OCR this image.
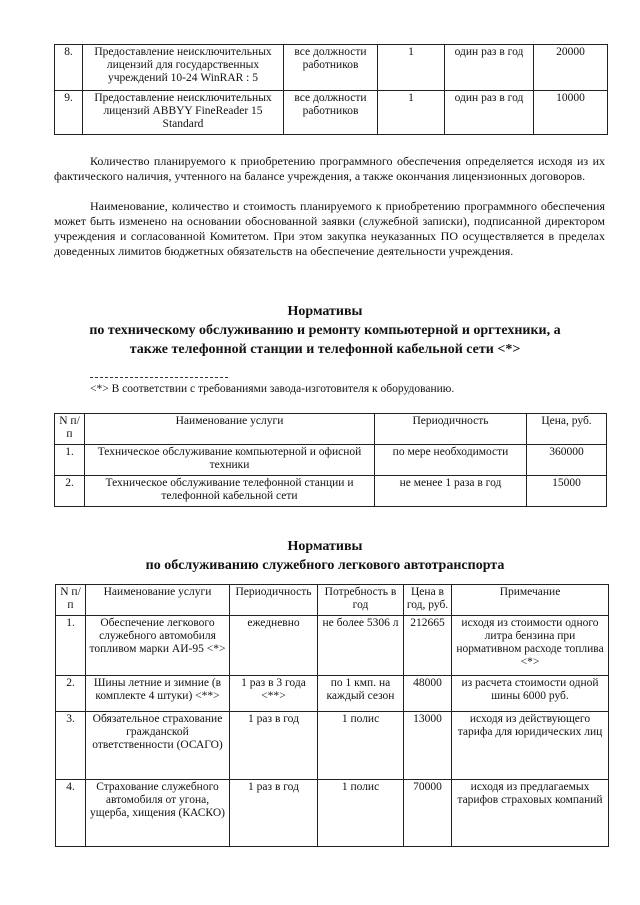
8.	Предоставление неисключительных лицензий для государственных учреждений 10-24 WinRAR : 5	все должности работников	1	один раз в год	20000
9.	Предоставление неисключительных лицензий ABBYY FineReader 15 Standard	все должности работников	1	один раз в год	10000

Количество планируемого к приобретению программного обеспечения определяется исходя из их фактического наличия, учтенного на балансе учреждения, а также окончания лицензионных договоров.

Наименование, количество и стоимость планируемого к приобретению программного обеспечения может быть изменено на основании обоснованной заявки (служебной записки), подписанной директором учреждения и согласованной Комитетом. При этом закупка неуказанных ПО осуществляется в пределах доведенных лимитов бюджетных обязательств на обеспечение деятельности учреждения.

Нормативы

по техническому обслуживанию и ремонту компьютерной и оргтехники, а также телефонной станции и телефонной кабельной сети <*>

<*> В соответствии с требованиями завода-изготовителя к оборудованию.

N п/п	Наименование услуги	Периодичность	Цена, руб.
1.	Техническое обслуживание компьютерной и офисной техники	по мере необходимости	360000
2.	Техническое обслуживание телефонной станции и телефонной кабельной сети	не менее 1 раза в год	15000

Нормативы

по обслуживанию служебного легкового автотранспорта

N п/п	Наименование услуги	Периодичность	Потребность в год	Цена в год, руб.	Примечание
1.	Обеспечение легкового служебного автомобиля топливом марки АИ-95 <*>	ежедневно	не более 5306 л	212665	исходя из стоимости одного литра бензина при нормативном расходе топлива <*>
2.	Шины летние и зимние (в комплекте 4 штуки) <**>	1 раз в 3 года <**>	по 1 кмп. на каждый сезон	48000	из расчета стоимости одной шины 6000 руб.
3.	Обязательное страхование гражданской ответственности (ОСАГО)	1 раз в год	1 полис	13000	исходя из действующего тарифа для юридических лиц
4.	Страхование служебного автомобиля от угона, ущерба, хищения (КАСКО)	1 раз в год	1 полис	70000	исходя из предлагаемых тарифов страховых компаний
